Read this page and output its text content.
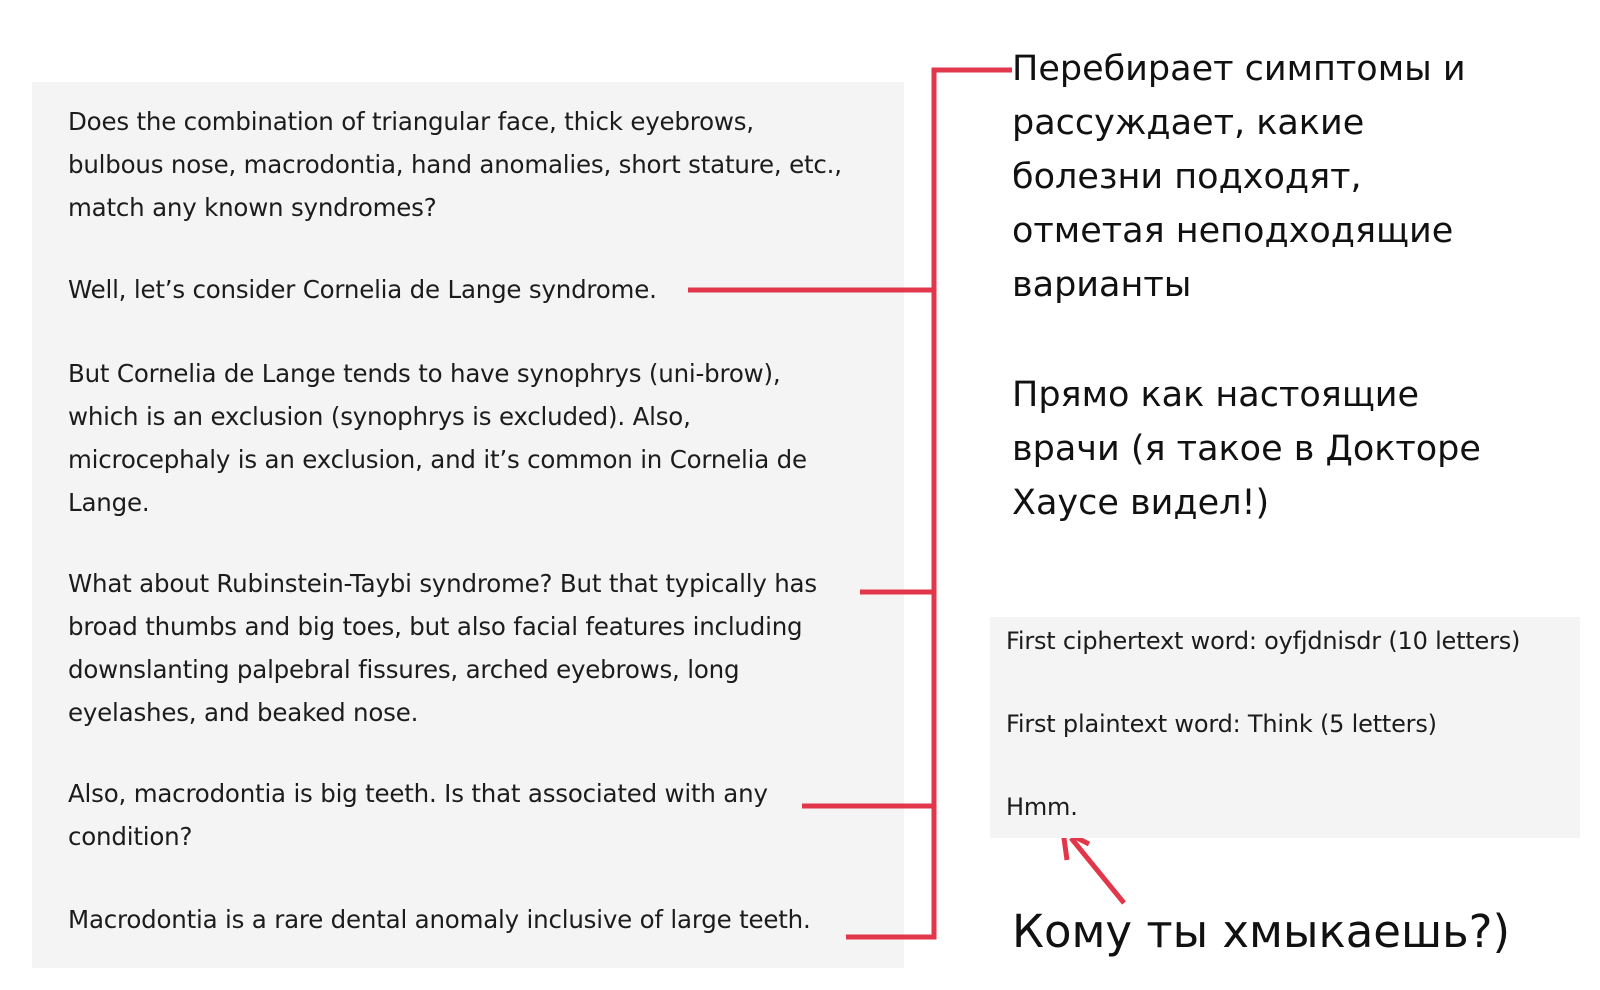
Does the combination of triangular face, thick eyebrows,
bulbous nose, macrodontia, hand anomalies, short stature, etc.,
match any known syndromes?

Well, let’s consider Cornelia de Lange syndrome.

But Cornelia de Lange tends to have synophrys (uni-brow),
which is an exclusion (synophrys is excluded). Also,
microcephaly is an exclusion, and it’s common in Cornelia de
Lange.

What about Rubinstein-Taybi syndrome? But that typically has
broad thumbs and big toes, but also facial features including
downslanting palpebral fissures, arched eyebrows, long
eyelashes, and beaked nose.

Also, macrodontia is big teeth. Is that associated with any
condition?

Macrodontia is a rare dental anomaly inclusive of large teeth.

Перебирает симптомы и
рассуждает, какие
болезни подходят,
отметая неподходящие
варианты

Прямо как настоящие
врачи (я такое в Докторе
Хаусе видел!)

First ciphertext word: oyfjdnisdr (10 letters)

First plaintext word: Think (5 letters)

Hmm.

Кому ты хмыкаешь?)
